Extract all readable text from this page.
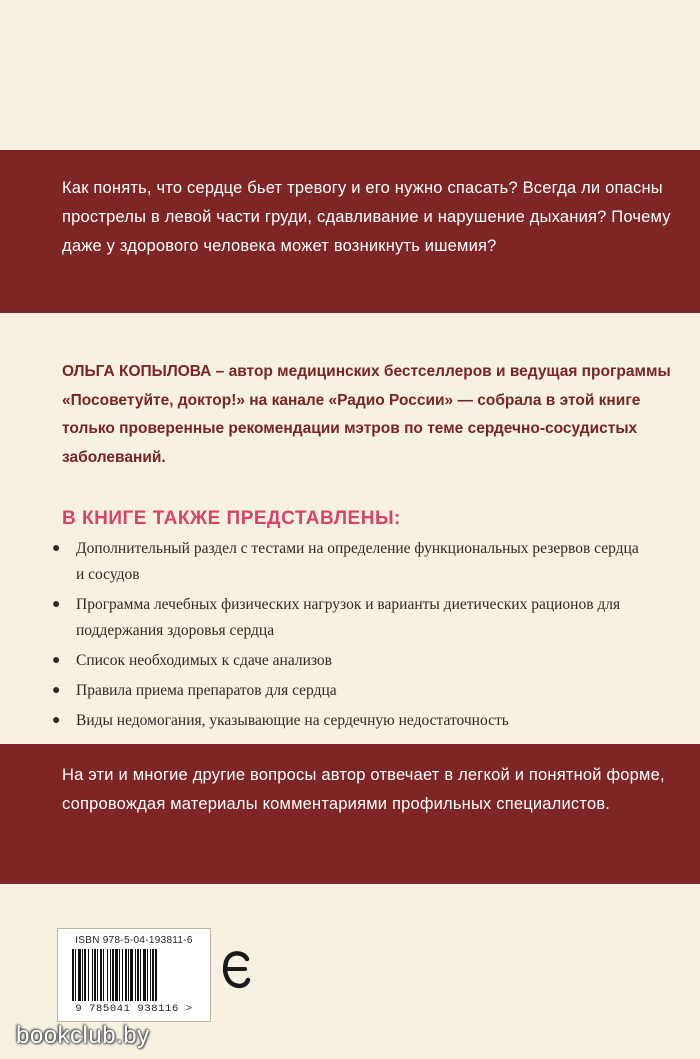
Как понять, что сердце бьет тревогу и его нужно спасать? Всегда ли опасны прострелы в левой части груди, сдавливание и нарушение дыхания? Почему даже у здорового человека может возникнуть ишемия?

ОЛЬГА КОПЫЛОВА – автор медицинских бестселлеров и ведущая программы «Посоветуйте, доктор!» на канале «Радио России» — собрала в этой книге только проверенные рекомендации мэтров по теме сердечно-сосудистых заболеваний.

В КНИГЕ ТАКЖЕ ПРЕДСТАВЛЕНЫ:
● Дополнительный раздел с тестами на определение функциональных резервов сердца и сосудов
● Программа лечебных физических нагрузок и варианты диетических рационов для поддержания здоровья сердца
● Список необходимых к сдаче анализов
● Правила приема препаратов для сердца
● Виды недомогания, указывающие на сердечную недостаточность

На эти и многие другие вопросы автор отвечает в легкой и понятной форме, сопровождая материалы комментариями профильных специалистов.

ISBN 978-5-04-193811-6
9 785041 938116 >

bookclub.by
